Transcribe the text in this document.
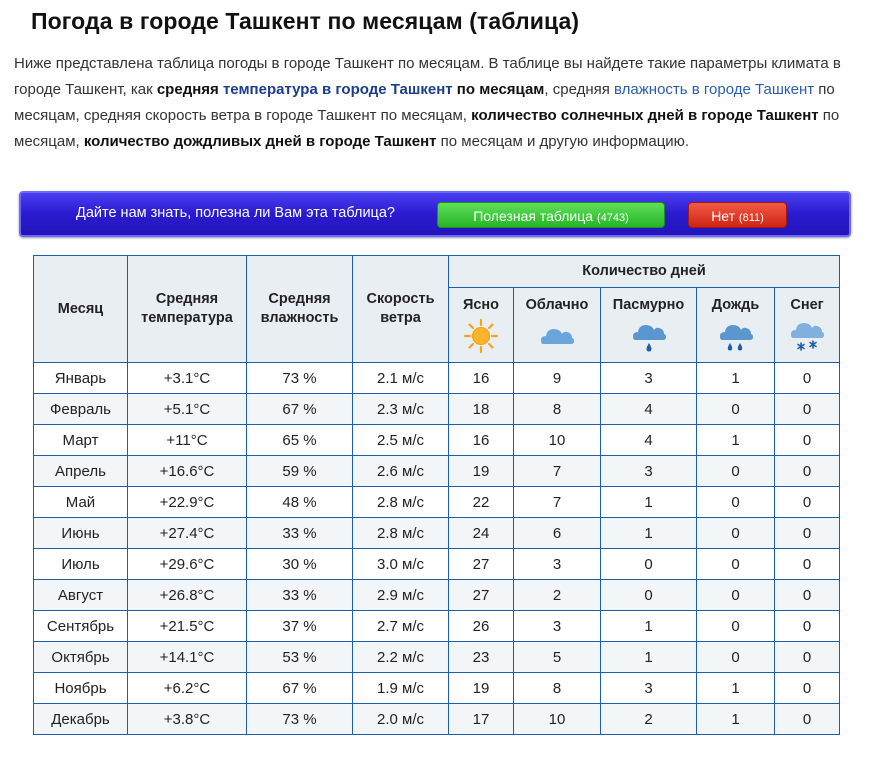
Погода в городе Ташкент по месяцам (таблица)

Ниже представлена таблица погоды в городе Ташкент по месяцам. В таблице вы найдете такие параметры климата в городе Ташкент, как средняя температура в городе Ташкент по месяцам, средняя влажность в городе Ташкент по месяцам, средняя скорость ветра в городе Ташкент по месяцам, количество солнечных дней в городе Ташкент по месяцам, количество дождливых дней в городе Ташкент по месяцам и другую информацию.

Дайте нам знать, полезна ли Вам эта таблица?	Полезная таблица (4743)	Нет (811)
Месяц	Средняя температура	Средняя влажность	Скорость ветра	Количество дней				

				Ясно	Облачно	Пасмурно	Дождь	Снег

Январь	+3.1°C	73 %	2.1 м/с	16	9	3	1	0
Февраль	+5.1°C	67 %	2.3 м/с	18	8	4	0	0
Март	+11°C	65 %	2.5 м/с	16	10	4	1	0
Апрель	+16.6°C	59 %	2.6 м/с	19	7	3	0	0
Май	+22.9°C	48 %	2.8 м/с	22	7	1	0	0
Июнь	+27.4°C	33 %	2.8 м/с	24	6	1	0	0
Июль	+29.6°C	30 %	3.0 м/с	27	3	0	0	0
Август	+26.8°C	33 %	2.9 м/с	27	2	0	0	0
Сентябрь	+21.5°C	37 %	2.7 м/с	26	3	1	0	0
Октябрь	+14.1°C	53 %	2.2 м/с	23	5	1	0	0
Ноябрь	+6.2°C	67 %	1.9 м/с	19	8	3	1	0
Декабрь	+3.8°C	73 %	2.0 м/с	17	10	2	1	0
